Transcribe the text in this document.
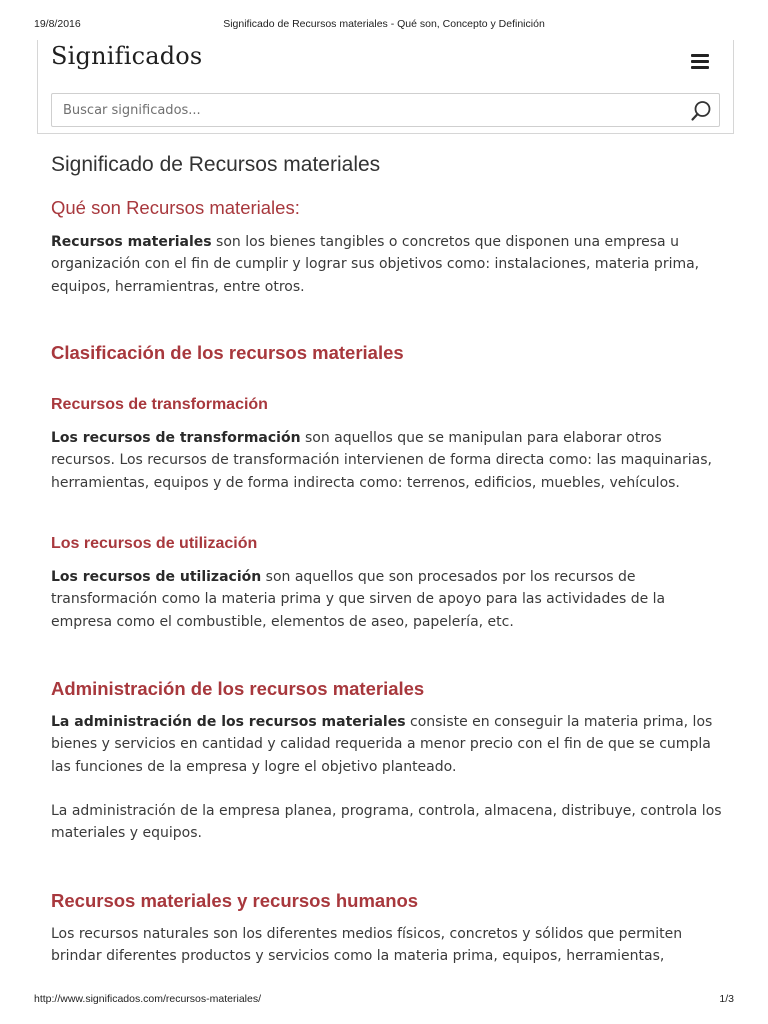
19/8/2016	Significado de Recursos materiales - Qué son, Concepto y Definición
Significados
Buscar significados...
Significado de Recursos materiales
Qué son Recursos materiales:
Recursos materiales son los bienes tangibles o concretos que disponen una empresa u
organización con el fin de cumplir y lograr sus objetivos como: instalaciones, materia prima,
equipos, herramientras, entre otros.
Clasificación de los recursos materiales
Recursos de transformación
Los recursos de transformación son aquellos que se manipulan para elaborar otros
recursos. Los recursos de transformación intervienen de forma directa como: las maquinarias,
herramientas, equipos y de forma indirecta como: terrenos, edificios, muebles, vehículos.
Los recursos de utilización
Los recursos de utilización son aquellos que son procesados por los recursos de
transformación como la materia prima y que sirven de apoyo para las actividades de la
empresa como el combustible, elementos de aseo, papelería, etc.
Administración de los recursos materiales
La administración de los recursos materiales consiste en conseguir la materia prima, los
bienes y servicios en cantidad y calidad requerida a menor precio con el fin de que se cumpla
las funciones de la empresa y logre el objetivo planteado.
La administración de la empresa planea, programa, controla, almacena, distribuye, controla los
materiales y equipos.
Recursos materiales y recursos humanos
Los recursos naturales son los diferentes medios físicos, concretos y sólidos que permiten
brindar diferentes productos y servicios como la materia prima, equipos, herramientas,
http://www.significados.com/recursos-materiales/	1/3
